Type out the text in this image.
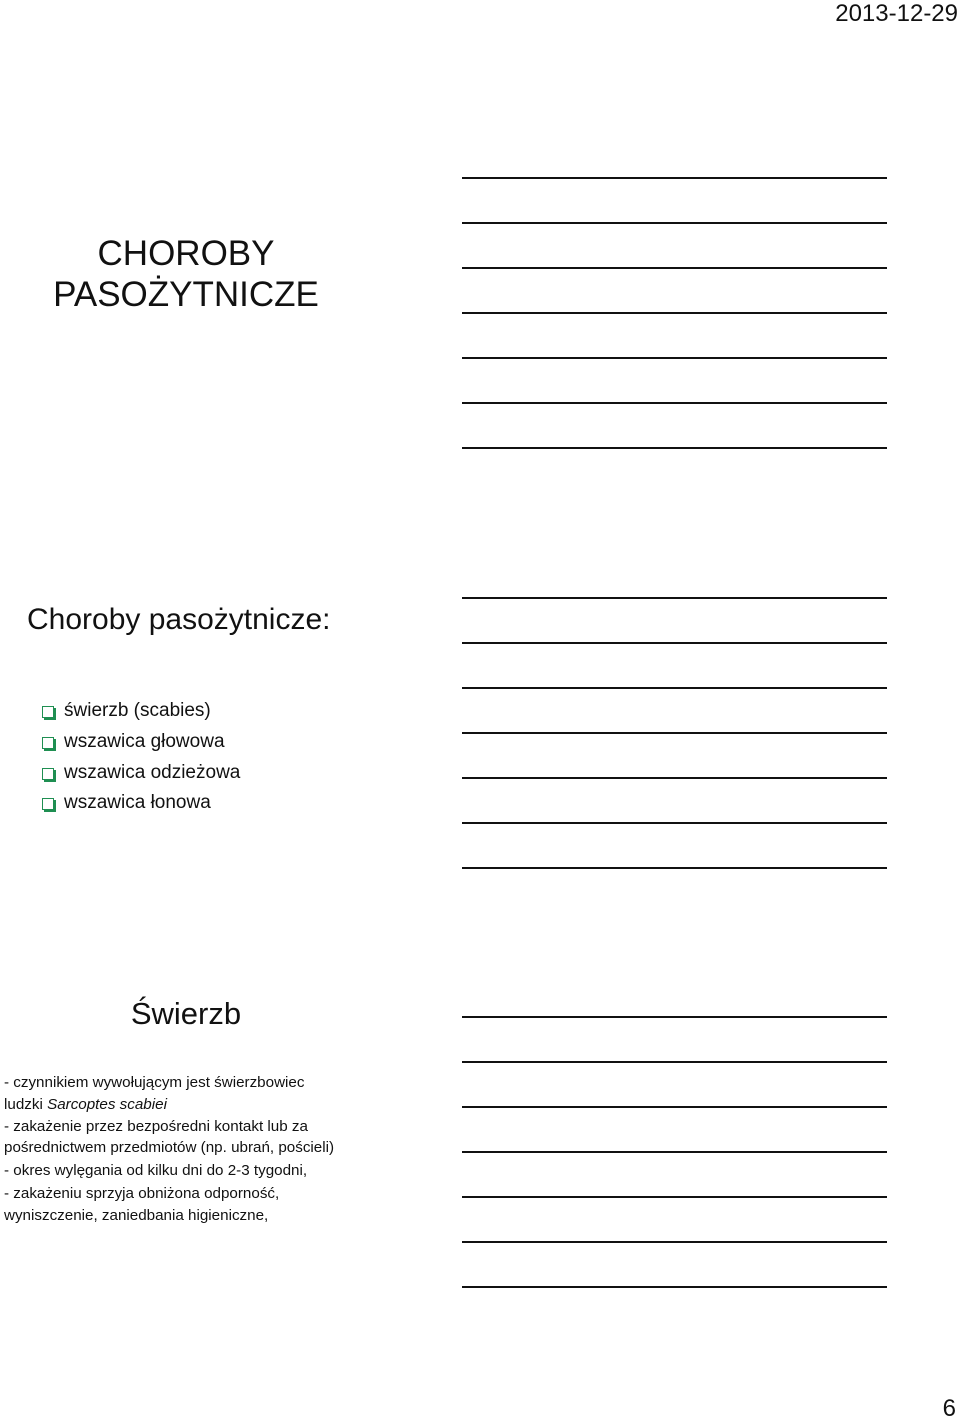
2013-12-29
CHOROBY
PASOŻYTNICZE
Choroby pasożytnicze:
świerzb (scabies)
wszawica głowowa
wszawica odzieżowa
wszawica łonowa
Świerzb

- czynnikiem wywołującym jest świerzbowiec

ludzki Sarcoptes scabiei

- zakażenie przez bezpośredni kontakt lub za

pośrednictwem przedmiotów (np. ubrań, pościeli)

- okres wylęgania od kilku dni do 2-3 tygodni,

- zakażeniu sprzyja obniżona odporność,

wyniszczenie, zaniedbania higieniczne,

6
